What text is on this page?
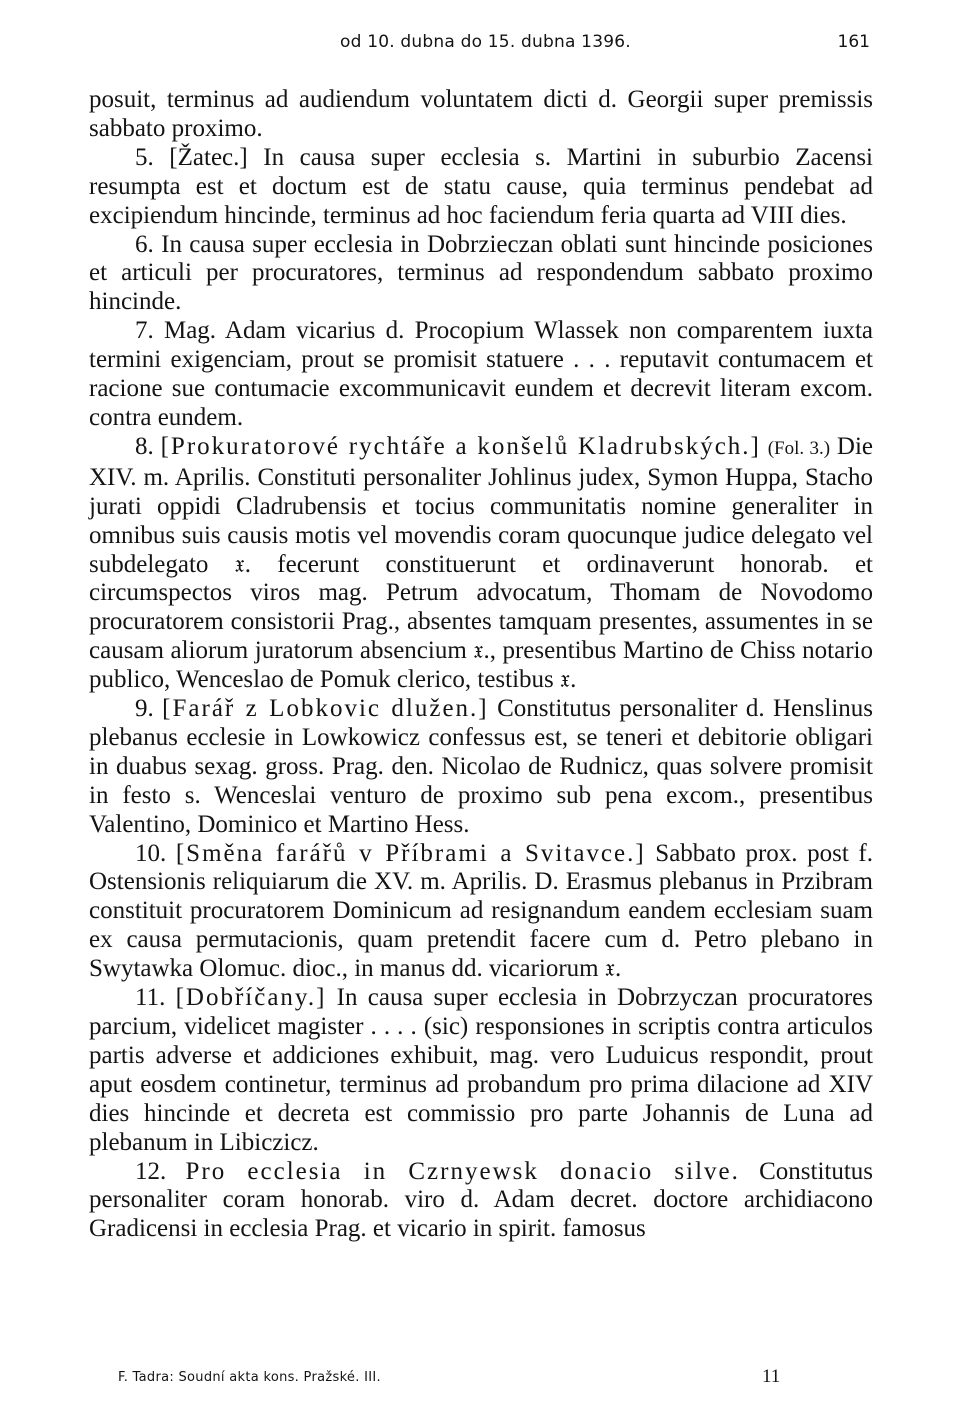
od 10. dubna do 15. dubna 1396.	161

posuit, terminus ad audiendum voluntatem dicti d. Georgii super premissis sabbato proximo.

5. [Žatec.] In causa super ecclesia s. Martini in suburbio Zacensi resumpta est et doctum est de statu cause, quia terminus pendebat ad excipiendum hincinde, terminus ad hoc faciendum feria quarta ad VIII dies.

6. In causa super ecclesia in Dobrzieczan oblati sunt hincinde posiciones et articuli per procuratores, terminus ad respondendum sabbato proximo hincinde.

7. Mag. Adam vicarius d. Procopium Wlassek non comparentem iuxta termini exigenciam, prout se promisit statuere . . . reputavit contumacem et racione sue contumacie excommunicavit eundem et decrevit literam excom. contra eundem.

8. [Prokuratorové rychtáře a konšelů Kladrubských.] (Fol. 3.) Die XIV. m. Aprilis. Constituti personaliter Johlinus judex, Symon Huppa, Stacho jurati oppidi Cladrubensis et tocius communitatis nomine generaliter in omnibus suis causis motis vel movendis coram quocunque judice delegato vel subdelegato 𝔵. fecerunt constituerunt et ordinaverunt honorab. et circumspectos viros mag. Petrum advocatum, Thomam de Novodomo procuratorem consistorii Prag., absentes tamquam presentes, assumentes in se causam aliorum juratorum absencium 𝔵., presentibus Martino de Chiss notario publico, Wenceslao de Pomuk clerico, testibus 𝔵.

9. [Farář z Lobkovic dlužen.] Constitutus personaliter d. Henslinus plebanus ecclesie in Lowkowicz confessus est, se teneri et debitorie obligari in duabus sexag. gross. Prag. den. Nicolao de Rudnicz, quas solvere promisit in festo s. Wenceslai venturo de proximo sub pena excom., presentibus Valentino, Dominico et Martino Hess.

10. [Směna farářů v Příbrami a Svitavce.] Sabbato prox. post f. Ostensionis reliquiarum die XV. m. Aprilis. D. Erasmus plebanus in Przibram constituit procuratorem Dominicum ad resignandum eandem ecclesiam suam ex causa permutacionis, quam pretendit facere cum d. Petro plebano in Swytawka Olomuc. dioc., in manus dd. vicariorum 𝔵.

11. [Dobříčany.] In causa super ecclesia in Dobrzyczan procuratores parcium, videlicet magister . . . . (sic) responsiones in scriptis contra articulos partis adverse et addiciones exhibuit, mag. vero Luduicus respondit, prout aput eosdem continetur, terminus ad probandum pro prima dilacione ad XIV dies hincinde et decreta est commissio pro parte Johannis de Luna ad plebanum in Libiczicz.

12. Pro ecclesia in Czrnyewsk donacio silve. Constitutus personaliter coram honorab. viro d. Adam decret. doctore archidiacono Gradicensi in ecclesia Prag. et vicario in spirit. famosus

F. Tadra: Soudní akta kons. Pražské. III.	11
